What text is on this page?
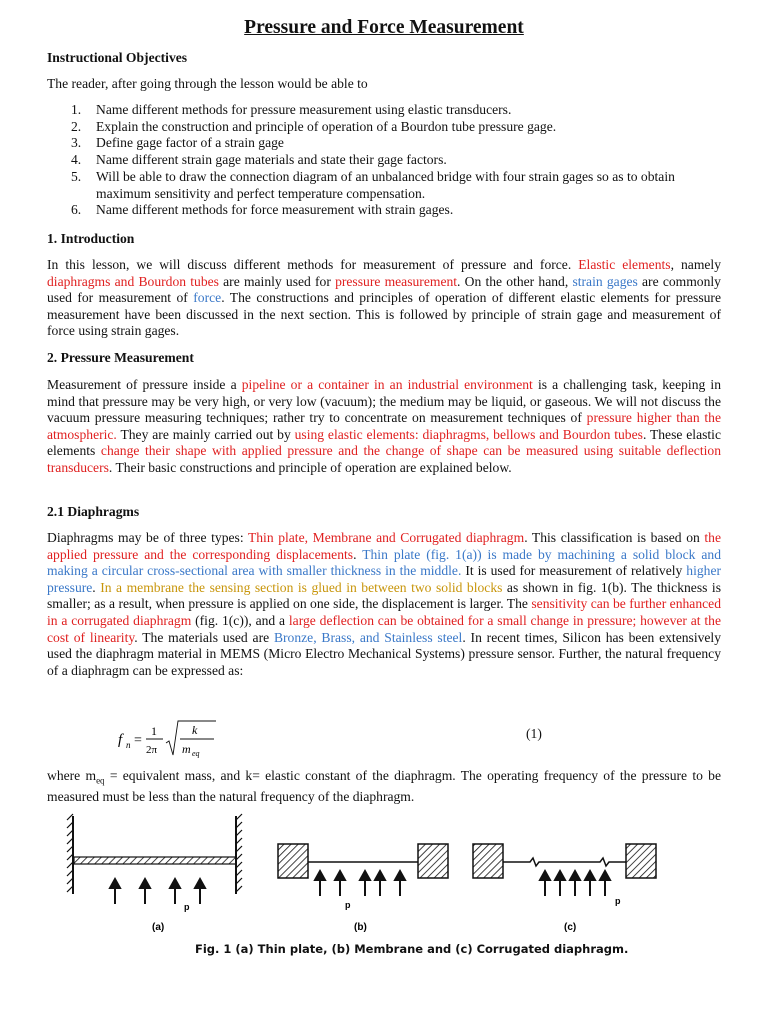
Pressure and Force Measurement
Instructional Objectives
The reader, after going through the lesson would be able to
1. Name different methods for pressure measurement using elastic transducers.
2. Explain the construction and principle of operation of a Bourdon tube pressure gage.
3. Define gage factor of a strain gage
4. Name different strain gage materials and state their gage factors.
5. Will be able to draw the connection diagram of an unbalanced bridge with four strain gages so as to obtain maximum sensitivity and perfect temperature compensation.
6. Name different methods for force measurement with strain gages.
1. Introduction

In this lesson, we will discuss different methods for measurement of pressure and force. Elastic elements, namely diaphragms and Bourdon tubes are mainly used for pressure measurement. On the other hand, strain gages are commonly used for measurement of force. The constructions and principles of operation of different elastic elements for pressure measurement have been discussed in the next section. This is followed by principle of strain gage and measurement of force using strain gages.

2. Pressure Measurement

Measurement of pressure inside a pipeline or a container in an industrial environment is a challenging task, keeping in mind that pressure may be very high, or very low (vacuum); the medium may be liquid, or gaseous. We will not discuss the vacuum pressure measuring techniques; rather try to concentrate on measurement techniques of pressure higher than the atmospheric. They are mainly carried out by using elastic elements: diaphragms, bellows and Bourdon tubes. These elastic elements change their shape with applied pressure and the change of shape can be measured using suitable deflection transducers. Their basic constructions and principle of operation are explained below.

2.1 Diaphragms

Diaphragms may be of three types: Thin plate, Membrane and Corrugated diaphragm. This classification is based on the applied pressure and the corresponding displacements. Thin plate (fig. 1(a)) is made by machining a solid block and making a circular cross-sectional area with smaller thickness in the middle. It is used for measurement of relatively higher pressure. In a membrane the sensing section is glued in between two solid blocks as shown in fig. 1(b). The thickness is smaller; as a result, when pressure is applied on one side, the displacement is larger. The sensitivity can be further enhanced in a corrugated diaphragm (fig. 1(c)), and a large deflection can be obtained for a small change in pressure; however at the cost of linearity. The materials used are Bronze, Brass, and Stainless steel. In recent times, Silicon has been extensively used the diaphragm material in MEMS (Micro Electro Mechanical Systems) pressure sensor. Further, the natural frequency of a diaphragm can be expressed as:

f n =
1
2π
k
m eq
(1)

where $m_{eq}$ = equivalent mass, and k= elastic constant of the diaphragm. The operating frequency of the pressure to be measured must be less than the natural frequency of the diaphragm.

p
(a)
p
(b)
p
(c)
Fig. 1 (a) Thin plate, (b) Membrane and (c) Corrugated diaphragm.
